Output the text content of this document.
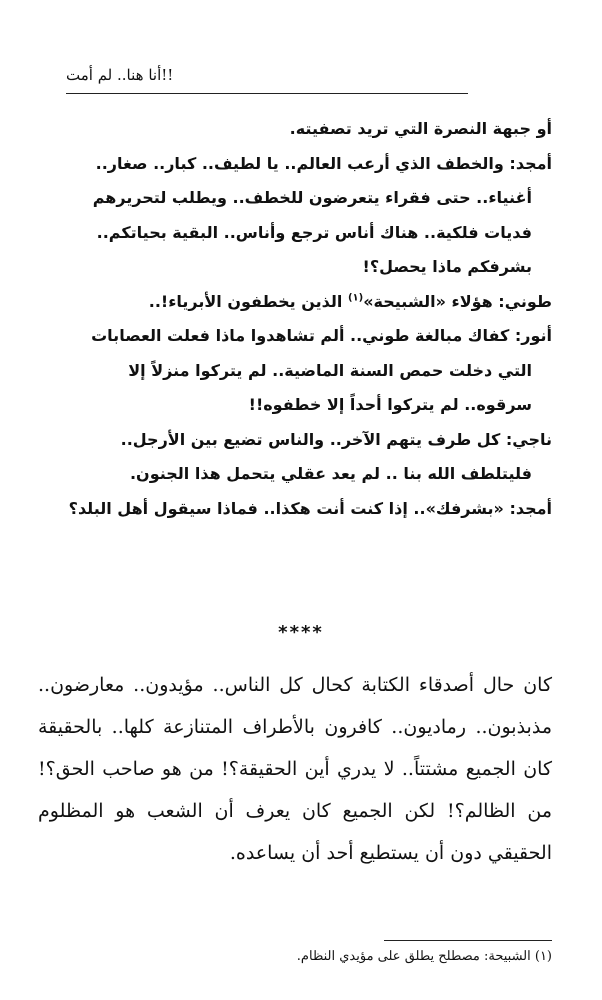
أنا هنا.. لم أمت!!

أو جبهة النصرة التي تريد تصفيته.

أمجد: والخطف الذي أرعب العالم.. يا لطيف.. كبار.. صغار..

أغنياء.. حتى فقراء يتعرضون للخطف.. ويطلب لتحريرهم

فديات فلكية.. هناك أناس ترجع وأناس.. البقية بحياتكم..

بشرفكم ماذا يحصل؟!

طوني: هؤلاء «الشبيحة»$^{(١)}$ الذين يخطفون الأبرياء!..

أنور: كفاك مبالغة طوني.. ألم تشاهدوا ماذا فعلت العصابات

التي دخلت حمص السنة الماضية.. لم يتركوا منزلاً إلا

سرقوه.. لم يتركوا أحداً إلا خطفوه!!

ناجي: كل طرف يتهم الآخر.. والناس تضيع بين الأرجل..

فليتلطف الله بنا .. لم يعد عقلي يتحمل هذا الجنون.

أمجد: «بشرفك».. إذا كنت أنت هكذا.. فماذا سيقول أهل البلد؟

****

كان حال أصدقاء الكتابة كحال كل الناس.. مؤيدون.. معارضون.. مذبذبون.. رماديون.. كافرون بالأطراف المتنازعة كلها.. بالحقيقة كان الجميع مشتتاً.. لا يدري أين الحقيقة؟! من هو صاحب الحق؟! من الظالم؟! لكن الجميع كان يعرف أن الشعب هو المظلوم الحقيقي دون أن يستطيع أحد أن يساعده.

(١) الشبيحة: مصطلح يطلق على مؤيدي النظام.
